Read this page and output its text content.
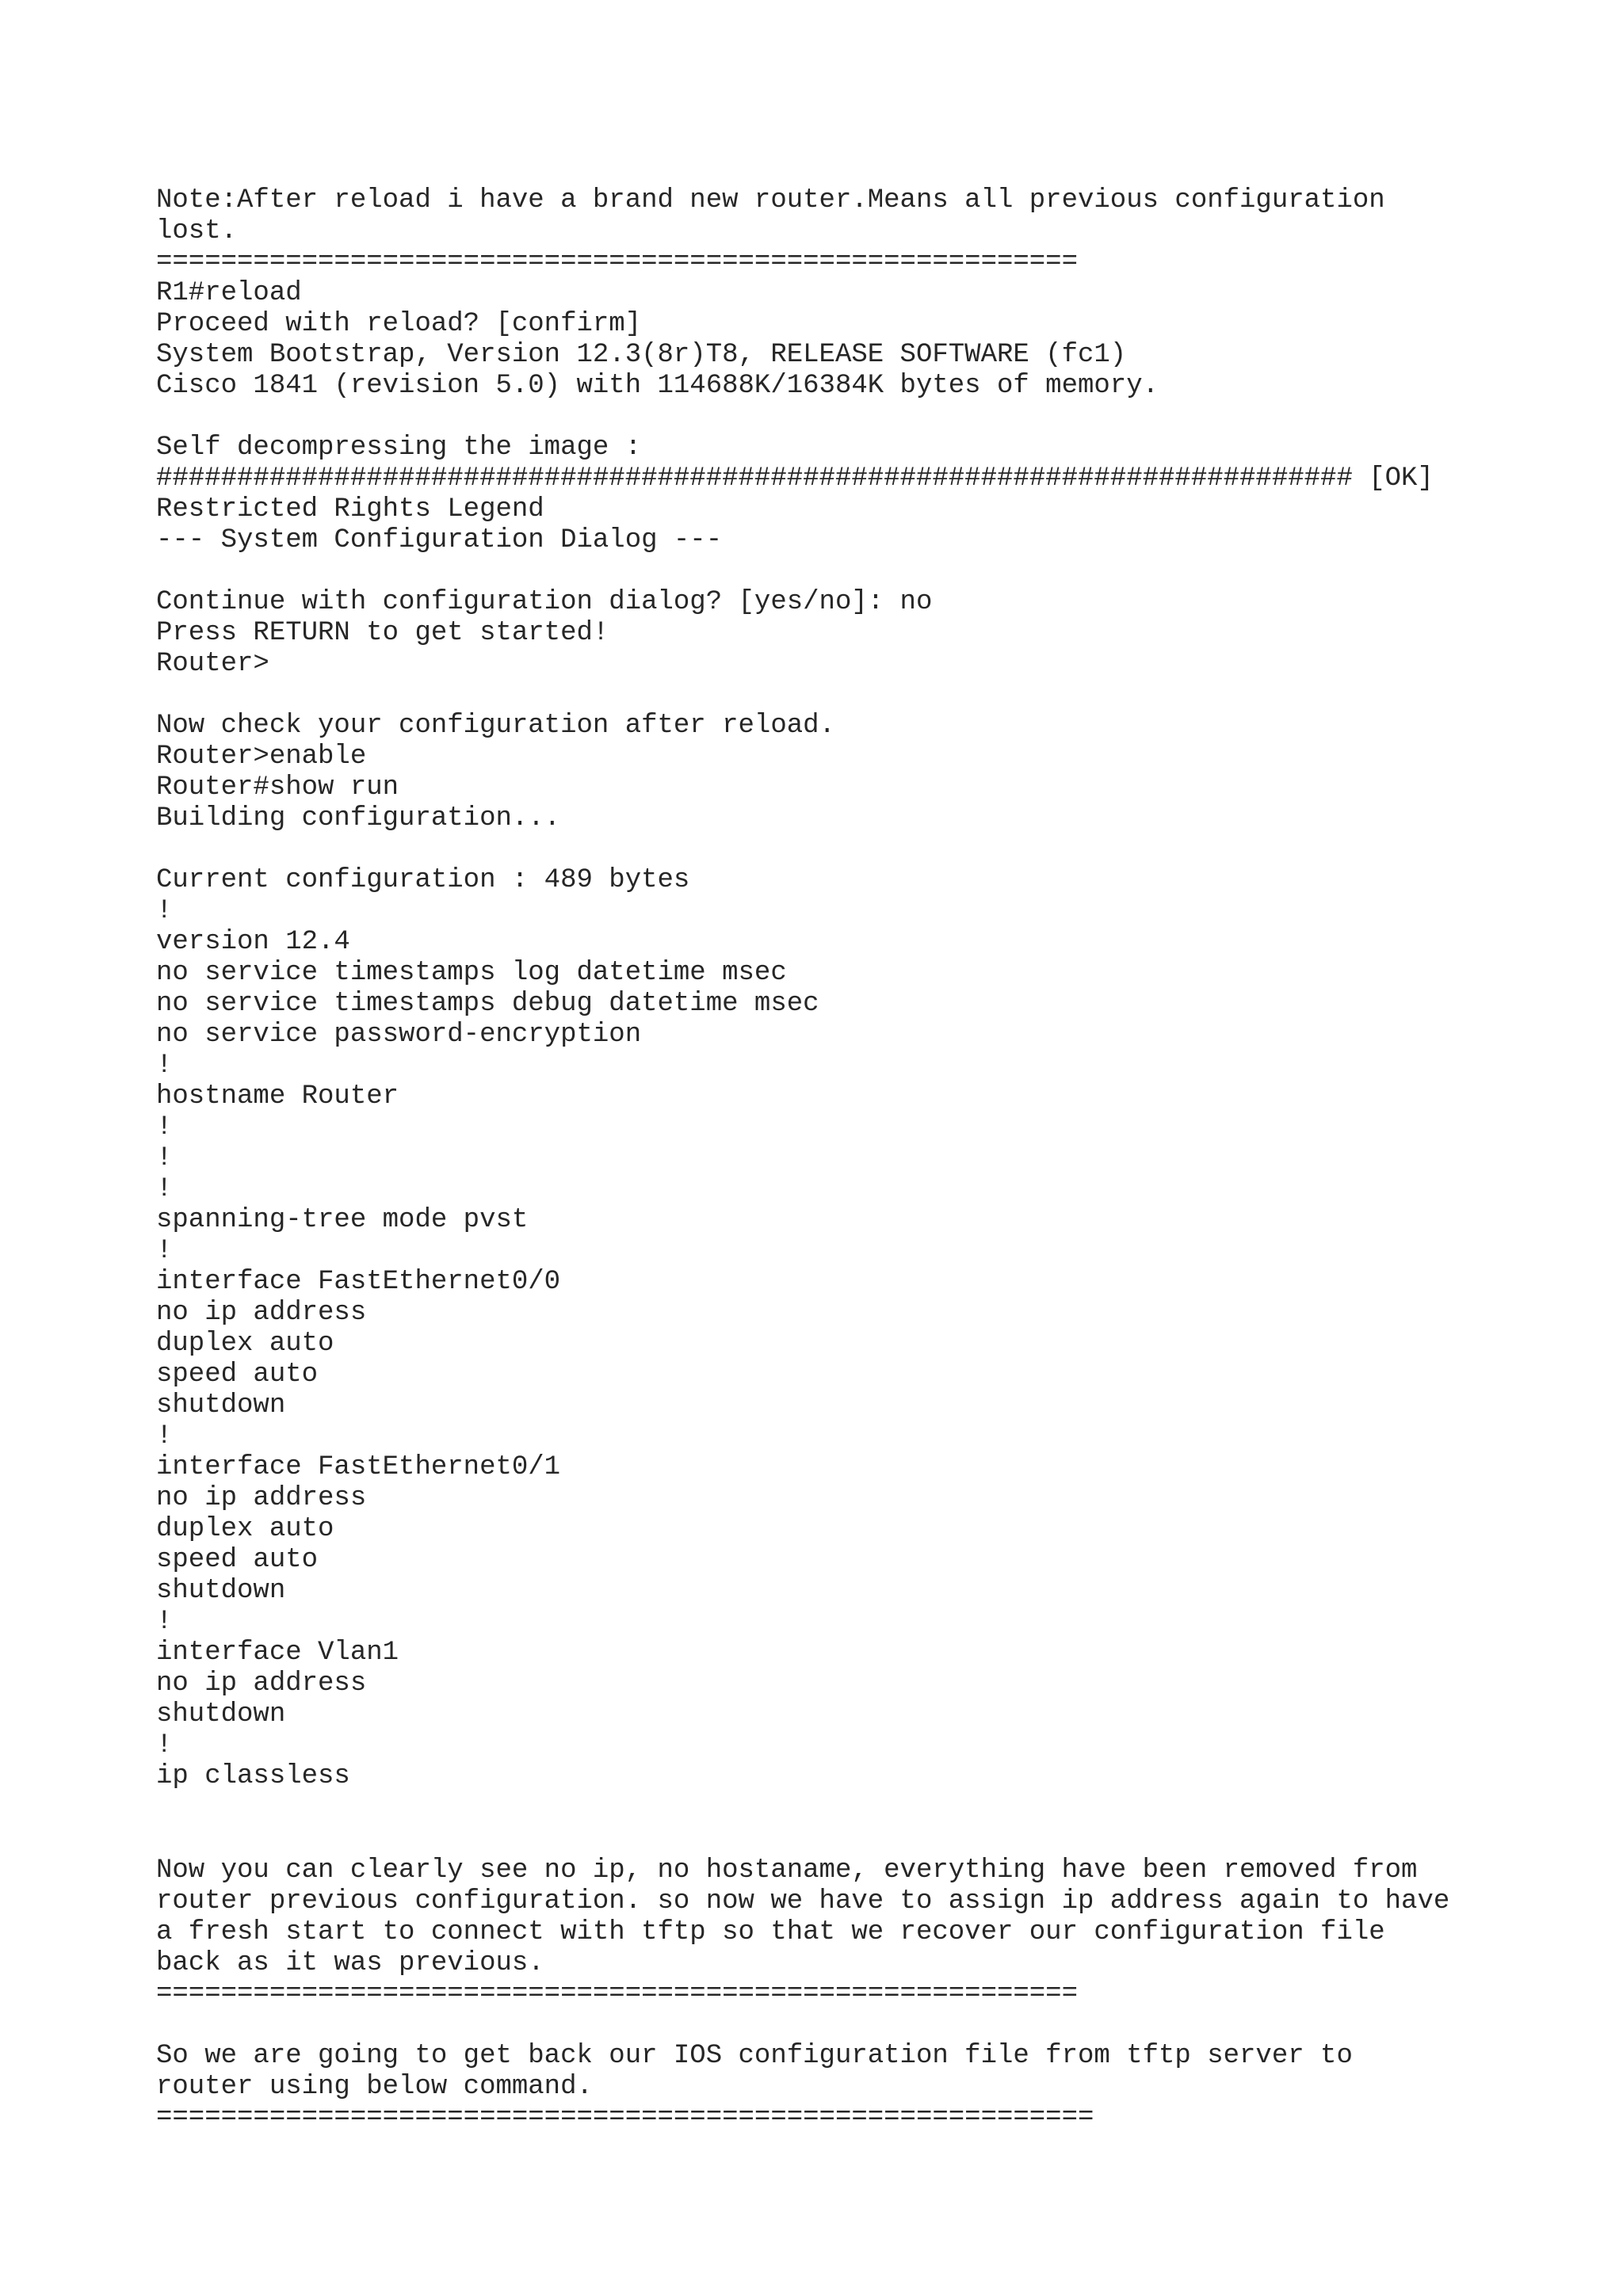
Note:After reload i have a brand new router.Means all previous configuration
lost.
=========================================================
R1#reload
Proceed with reload? [confirm]
System Bootstrap, Version 12.3(8r)T8, RELEASE SOFTWARE (fc1)
Cisco 1841 (revision 5.0) with 114688K/16384K bytes of memory.
Self decompressing the image :
########################################################################## [OK]
Restricted Rights Legend
--- System Configuration Dialog ---
Continue with configuration dialog? [yes/no]: no
Press RETURN to get started!
Router>
Now check your configuration after reload.
Router>enable
Router#show run
Building configuration...
Current configuration : 489 bytes
!
version 12.4
no service timestamps log datetime msec
no service timestamps debug datetime msec
no service password-encryption
!
hostname Router
!
!
!
spanning-tree mode pvst
!
interface FastEthernet0/0
no ip address
duplex auto
speed auto
shutdown
!
interface FastEthernet0/1
no ip address
duplex auto
speed auto
shutdown
!
interface Vlan1
no ip address
shutdown
!
ip classless
Now you can clearly see no ip, no hostaname, everything have been removed from
router previous configuration. so now we have to assign ip address again to have
a fresh start to connect with tftp so that we recover our configuration file
back as it was previous.
=========================================================
So we are going to get back our IOS configuration file from tftp server to
router using below command.
==========================================================
